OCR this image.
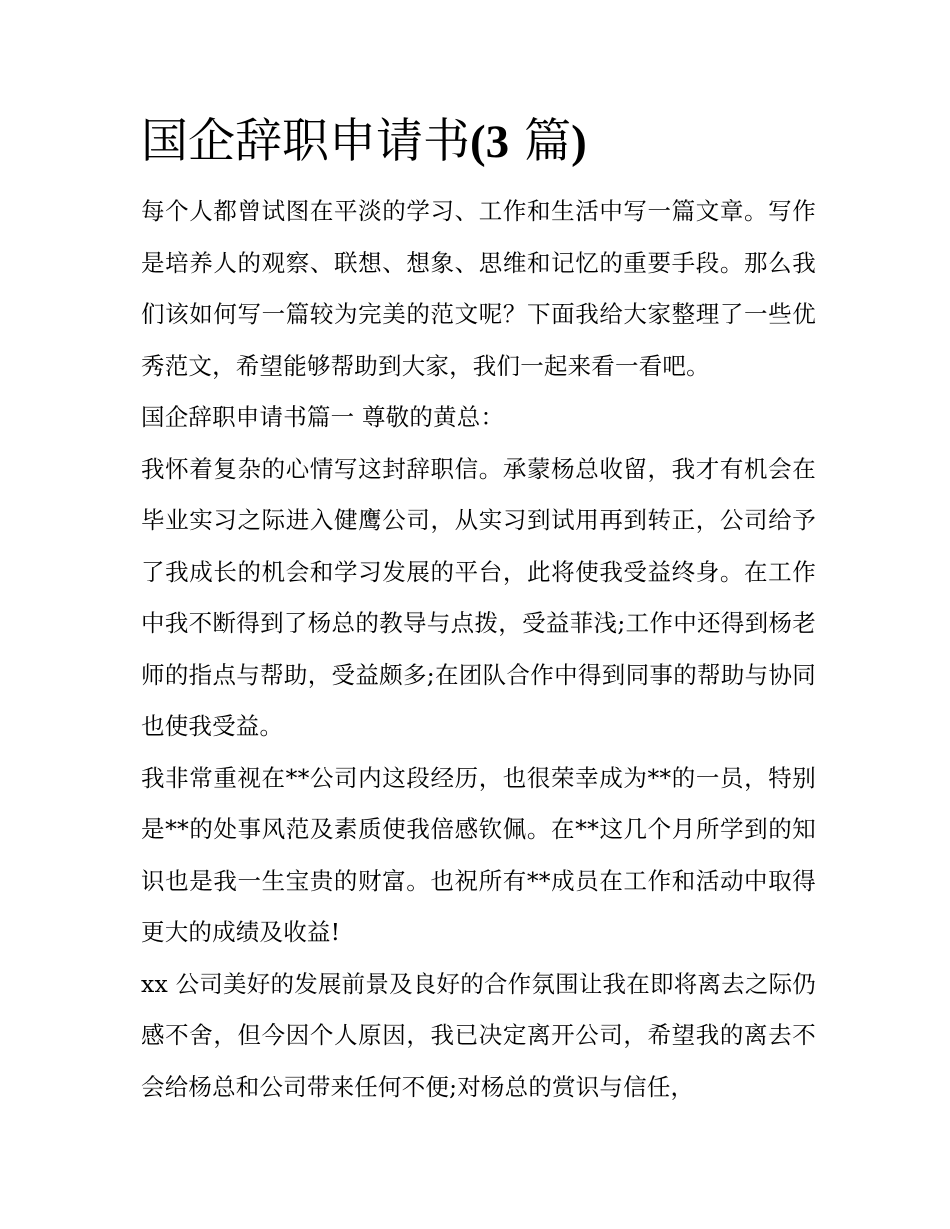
国企辞职申请书(3 篇)

每个人都曾试图在平淡的学习、工作和生活中写一篇文章。写作是培养人的观察、联想、想象、思维和记忆的重要手段。那么我们该如何写一篇较为完美的范文呢？下面我给大家整理了一些优秀范文，希望能够帮助到大家，我们一起来看一看吧。

国企辞职申请书篇一 尊敬的黄总：

我怀着复杂的心情写这封辞职信。承蒙杨总收留，我才有机会在毕业实习之际进入健鹰公司，从实习到试用再到转正，公司给予了我成长的机会和学习发展的平台，此将使我受益终身。在工作中我不断得到了杨总的教导与点拨，受益菲浅;工作中还得到杨老师的指点与帮助，受益颇多;在团队合作中得到同事的帮助与协同也使我受益。

我非常重视在**公司内这段经历，也很荣幸成为**的一员，特别是**的处事风范及素质使我倍感钦佩。在**这几个月所学到的知识也是我一生宝贵的财富。也祝所有**成员在工作和活动中取得更大的成绩及收益!

xx 公司美好的发展前景及良好的合作氛围让我在即将离去之际仍感不舍，但今因个人原因，我已决定离开公司，希望我的离去不会给杨总和公司带来任何不便;对杨总的赏识与信任，
